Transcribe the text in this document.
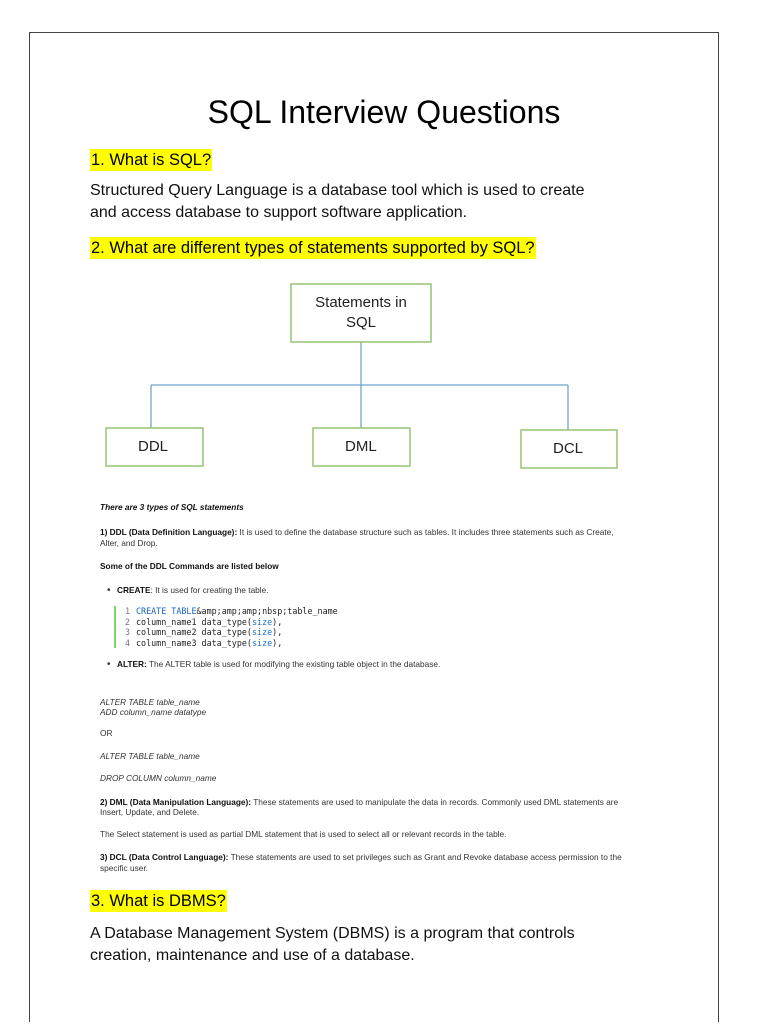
SQL Interview Questions
1. What is SQL?
Structured Query Language is a database tool which is used to create
and access database to support software application.
2. What are different types of statements supported by SQL?
Statements in
SQL
DDL	DML	DCL
There are 3 types of SQL statements
1) DDL (Data Definition Language): It is used to define the database structure such as tables. It includes three statements such as Create,
Alter, and Drop.
Some of the DDL Commands are listed below
• CREATE: It is used for creating the table.
1 CREATE TABLE&amp;amp;amp;nbsp;table_name
2 column_name1 data_type(size),
3 column_name2 data_type(size),
4 column_name3 data_type(size),
• ALTER: The ALTER table is used for modifying the existing table object in the database.
ALTER TABLE table_name
ADD column_name datatype
OR
ALTER TABLE table_name
DROP COLUMN column_name
2) DML (Data Manipulation Language): These statements are used to manipulate the data in records. Commonly used DML statements are
Insert, Update, and Delete.
The Select statement is used as partial DML statement that is used to select all or relevant records in the table.
3) DCL (Data Control Language): These statements are used to set privileges such as Grant and Revoke database access permission to the
specific user.
3. What is DBMS?
A Database Management System (DBMS) is a program that controls
creation, maintenance and use of a database.
